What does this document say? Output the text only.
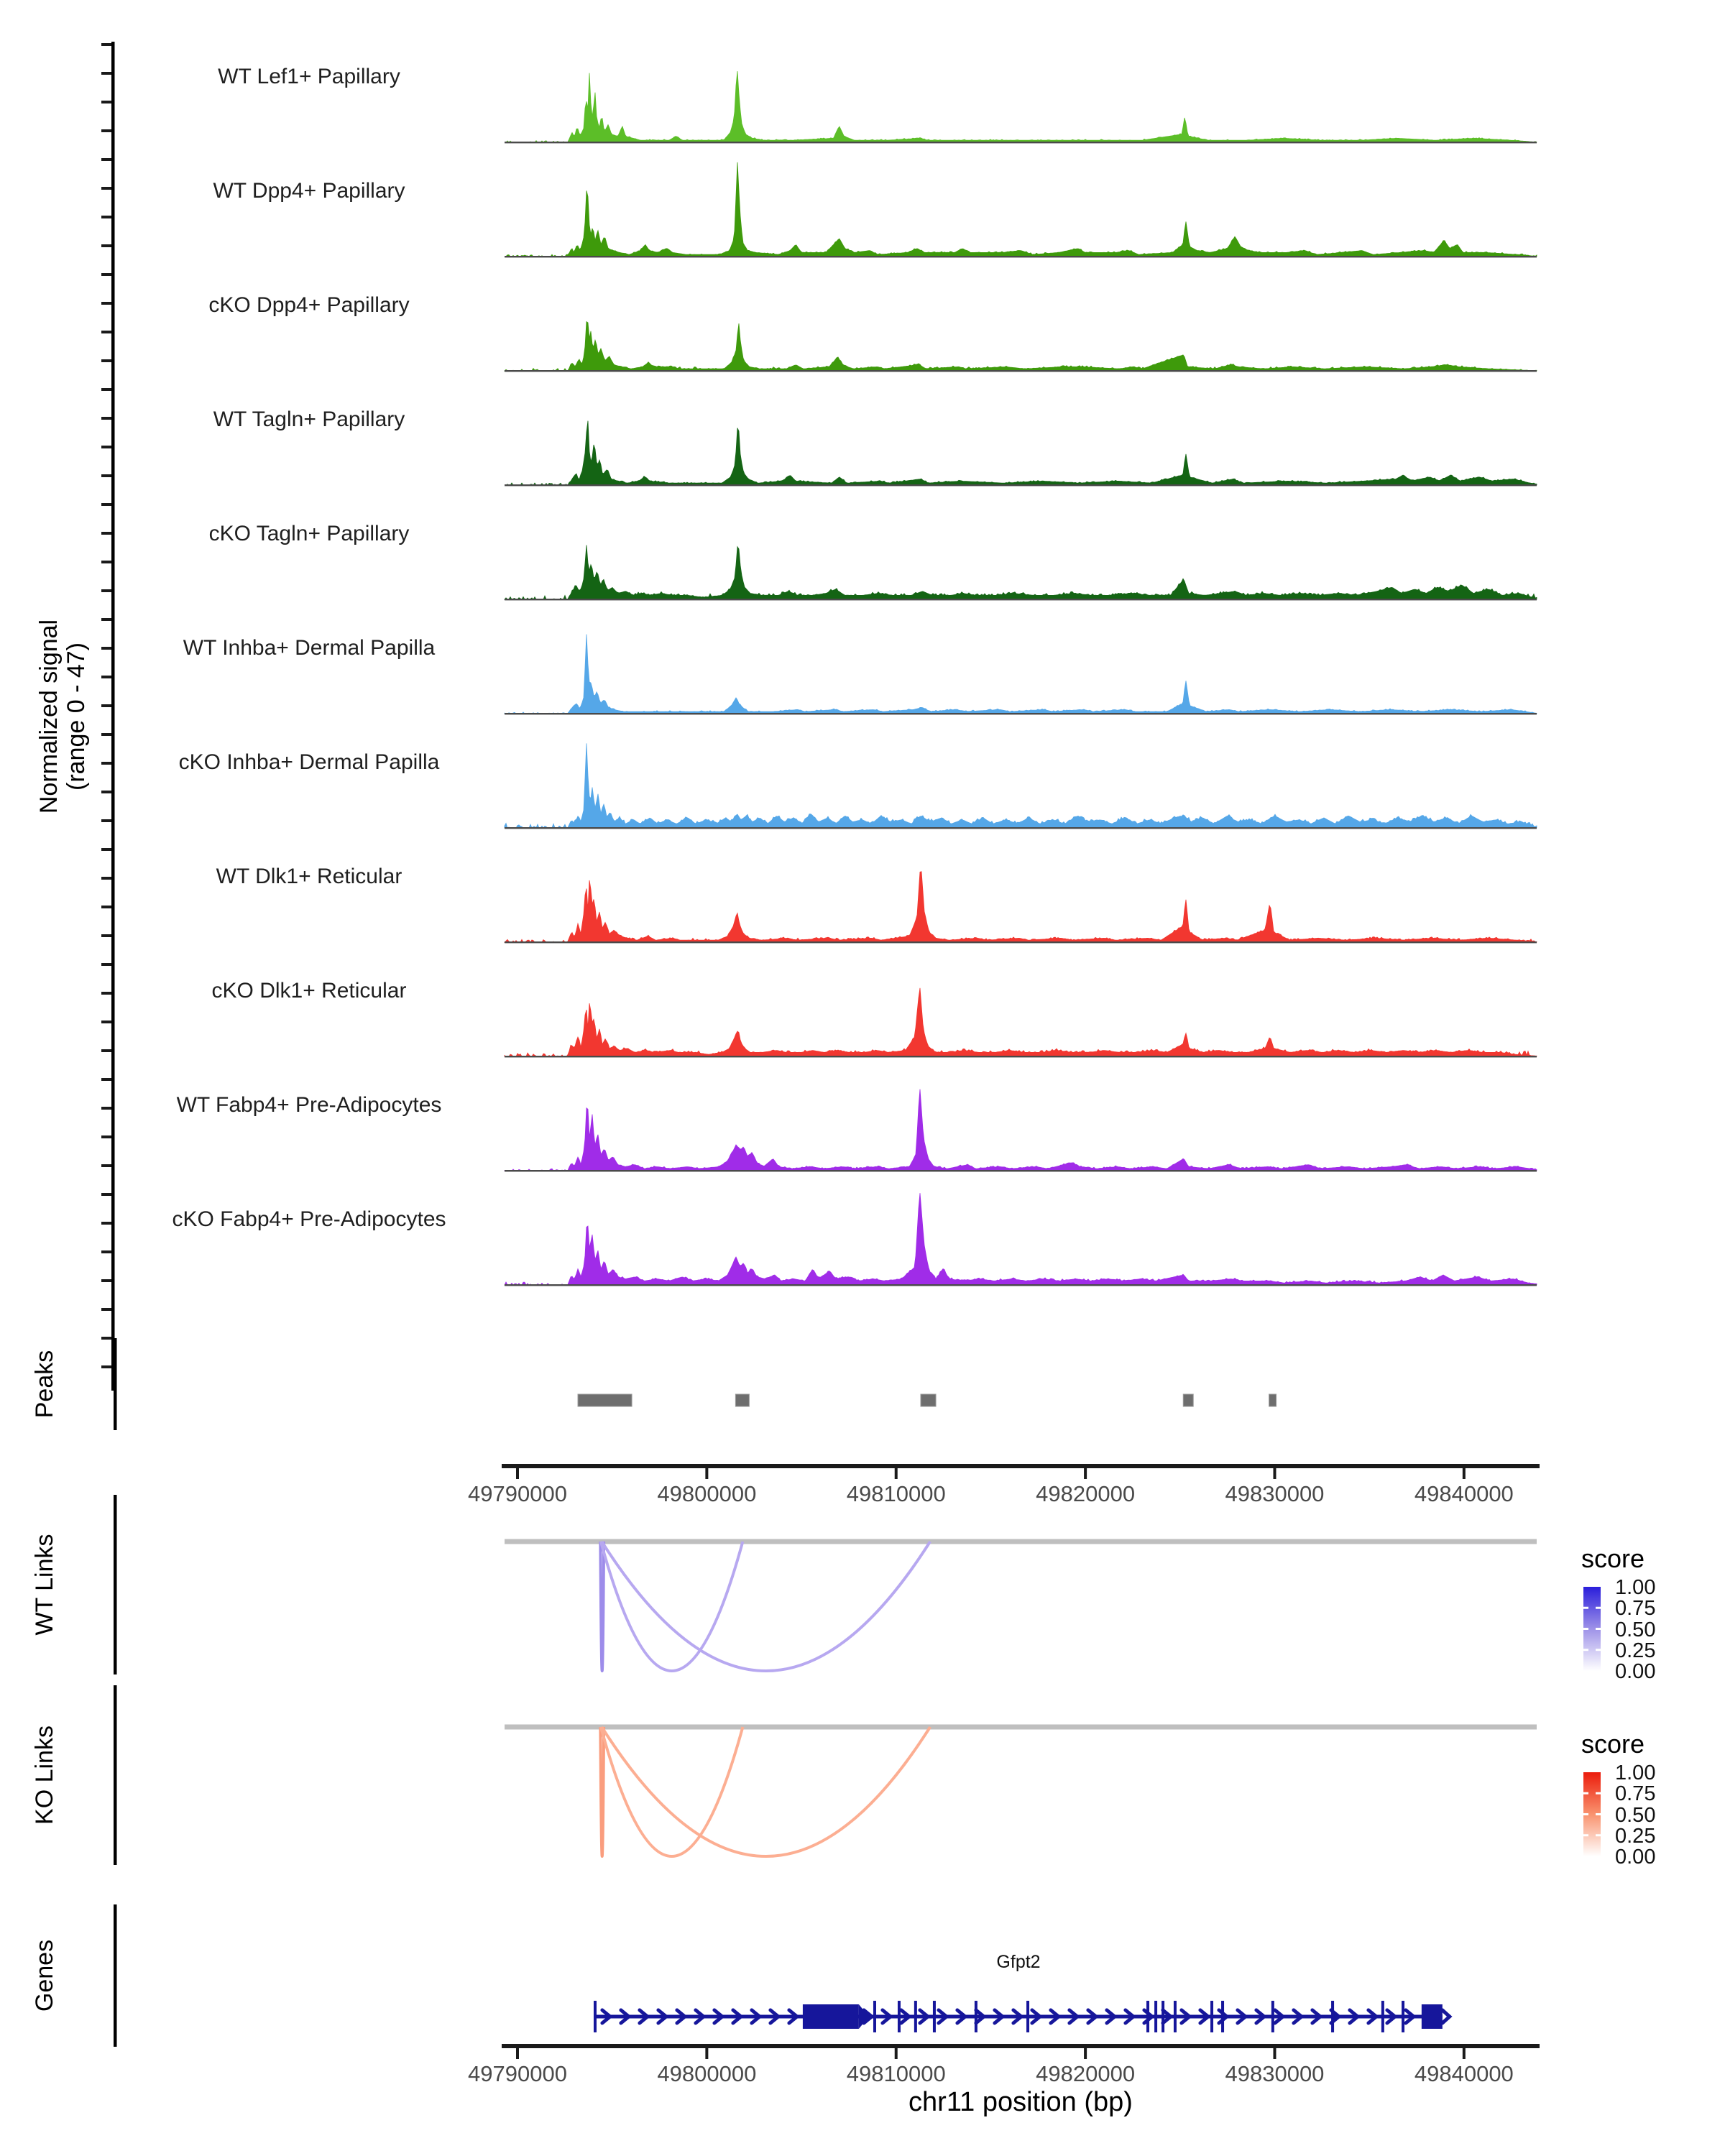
Normalized signal (range 0 - 47)
Peaks
WT Links
KO Links
Genes
score
score
Gfpt2
chr11 position (bp)
WT Lef1+ Papillary
WT Dpp4+ Papillary
cKO Dpp4+ Papillary
WT Tagln+ Papillary
cKO Tagln+ Papillary
WT Inhba+ Dermal Papilla
cKO Inhba+ Dermal Papilla
WT Dlk1+ Reticular
cKO Dlk1+ Reticular
WT Fabp4+ Pre-Adipocytes
cKO Fabp4+ Pre-Adipocytes
49790000	49800000	49810000	49820000	49830000	49840000
49790000	49800000	49810000	49820000	49830000	49840000
1.00
0.75
0.50
0.25
0.00
1.00
0.75
0.50
0.25
0.00
